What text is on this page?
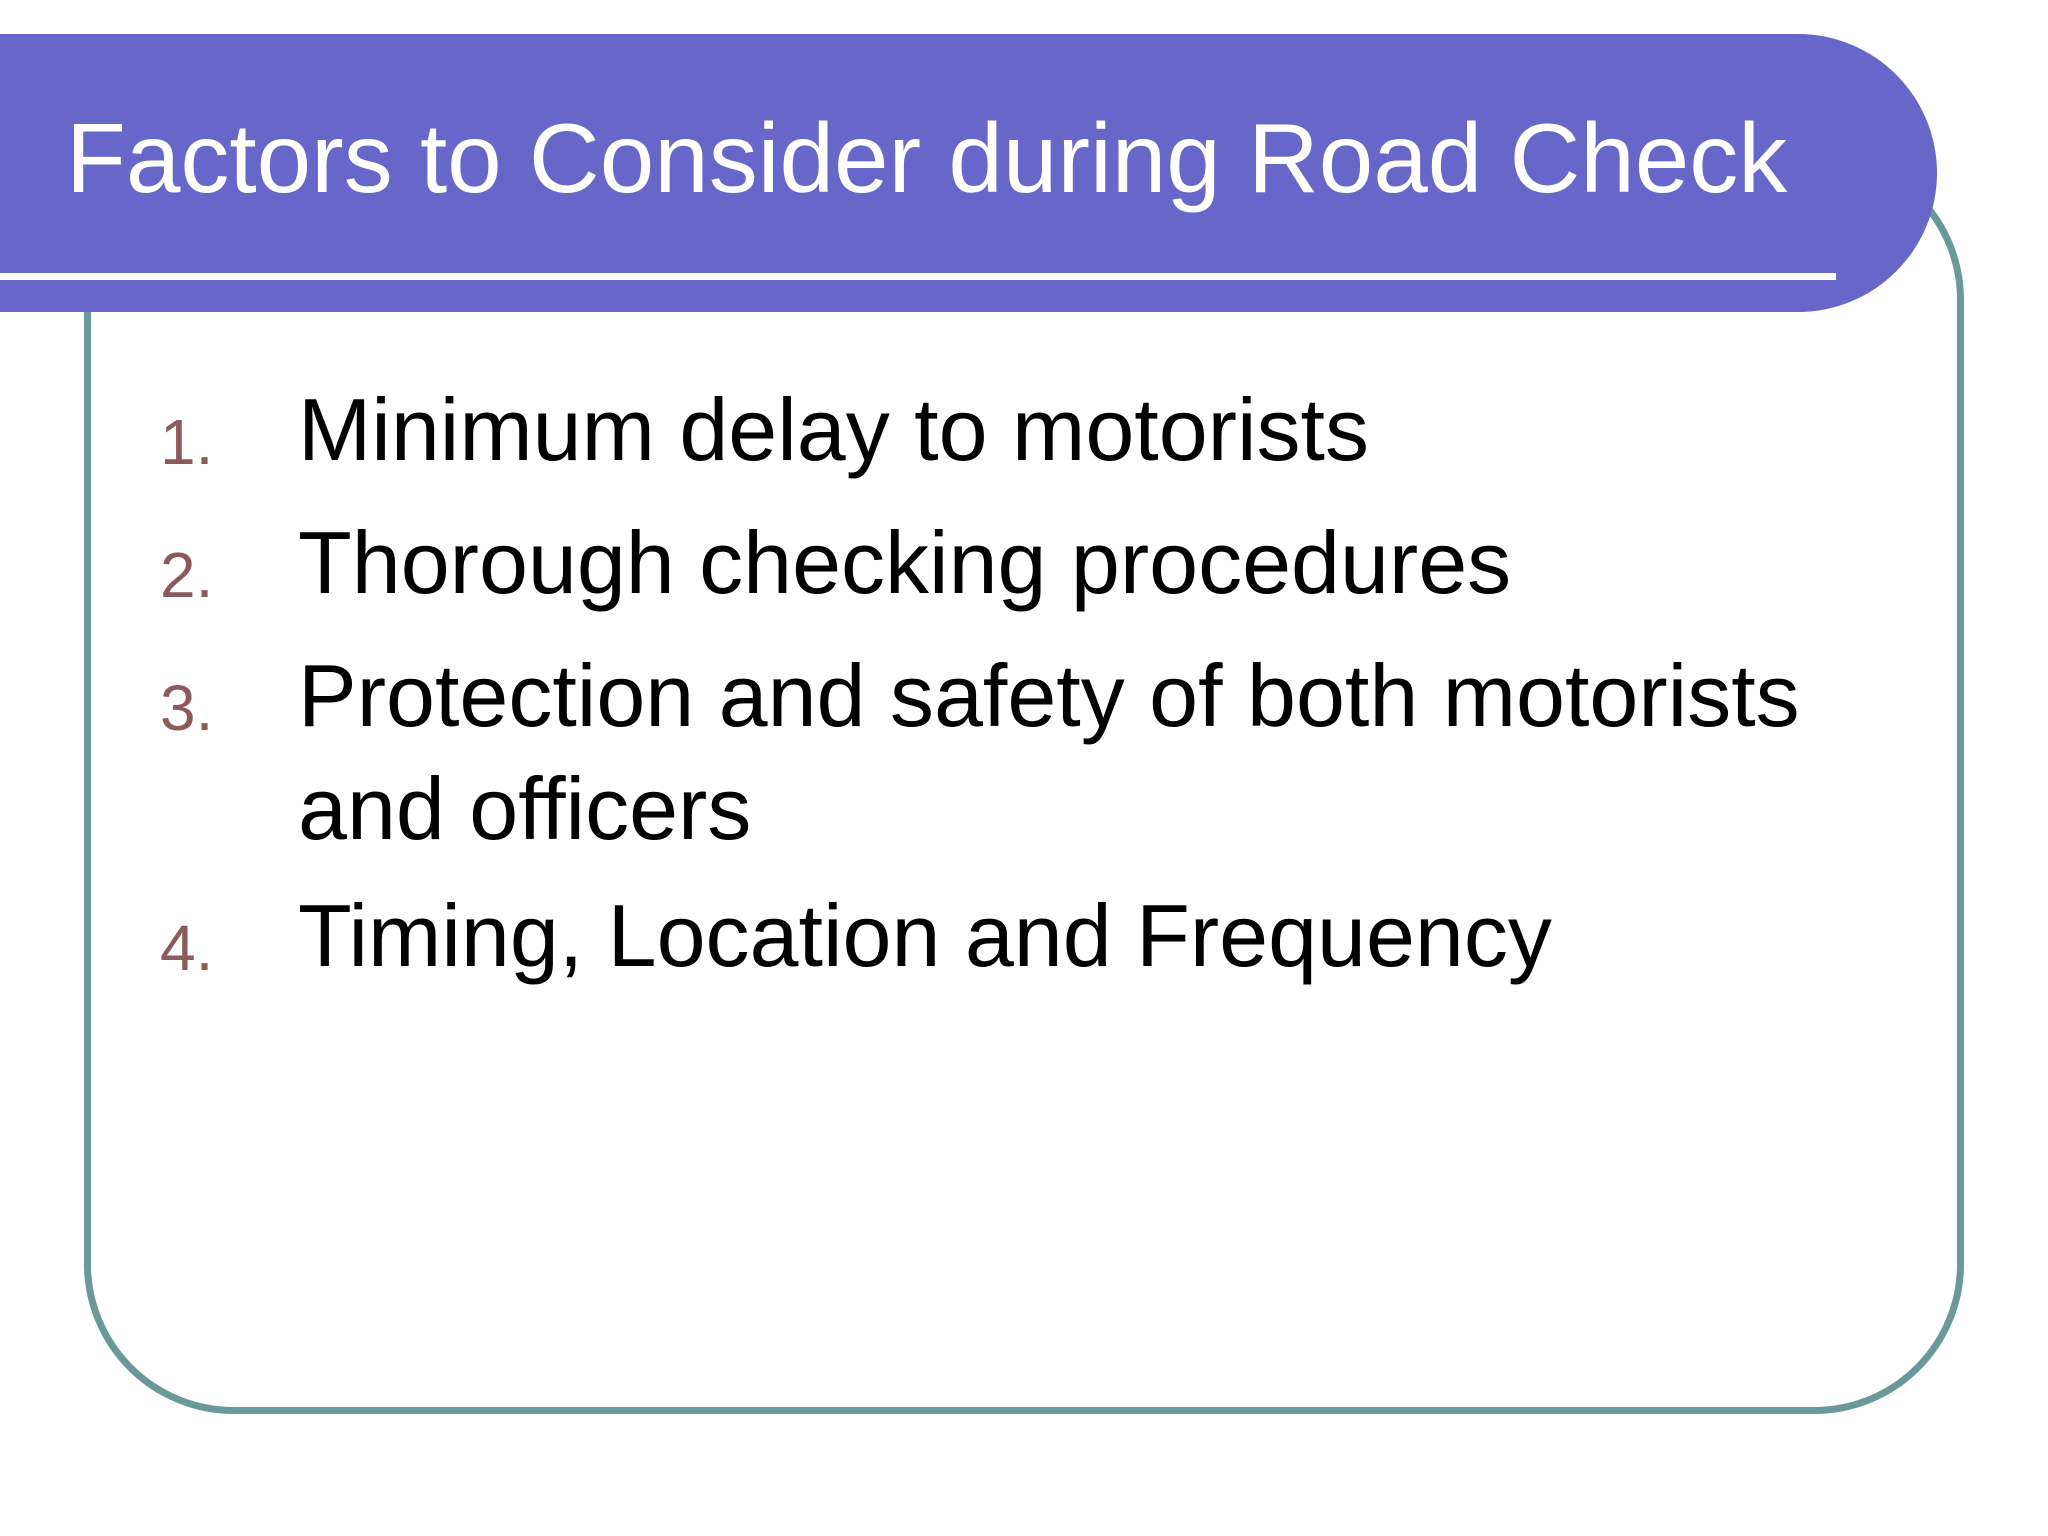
Factors to Consider during Road Check
1. Minimum delay to motorists
2. Thorough checking procedures
3. Protection and safety of both motorists
and officers
4. Timing, Location and Frequency
